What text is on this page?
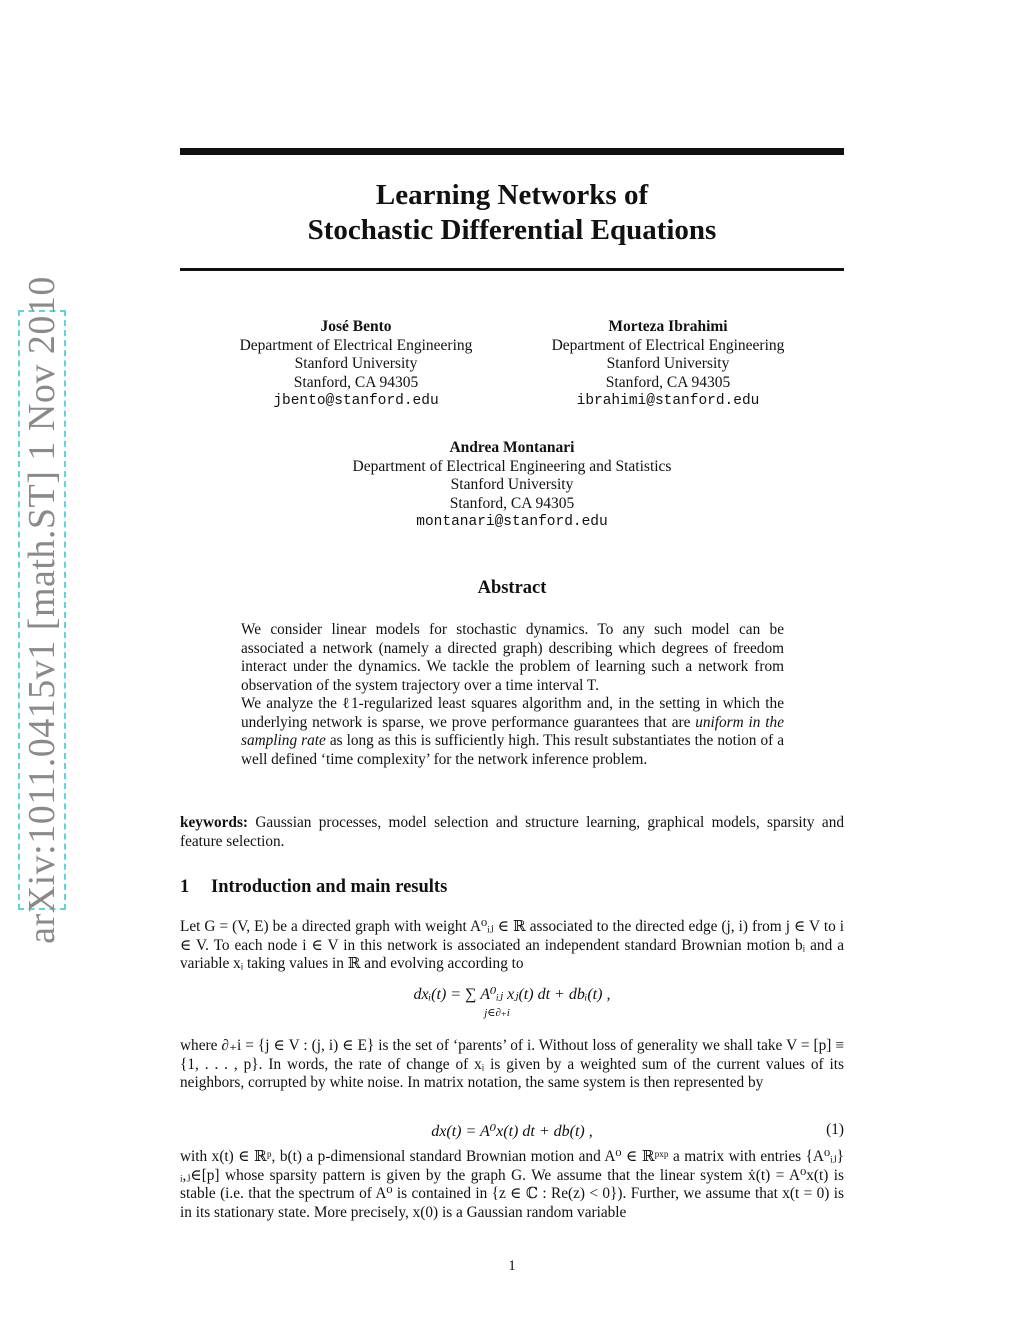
arXiv:1011.0415v1 [math.ST] 1 Nov 2010
Learning Networks of
Stochastic Differential Equations
José Bento
Department of Electrical Engineering
Stanford University
Stanford, CA 94305
jbento@stanford.edu
Morteza Ibrahimi
Department of Electrical Engineering
Stanford University
Stanford, CA 94305
ibrahimi@stanford.edu
Andrea Montanari
Department of Electrical Engineering and Statistics
Stanford University
Stanford, CA 94305
montanari@stanford.edu
Abstract

We consider linear models for stochastic dynamics. To any such model can be associated a network (namely a directed graph) describing which degrees of freedom interact under the dynamics. We tackle the problem of learning such a network from observation of the system trajectory over a time interval T.

We analyze the ℓ1-regularized least squares algorithm and, in the setting in which the underlying network is sparse, we prove performance guarantees that are uniform in the sampling rate as long as this is sufficiently high. This result substantiates the notion of a well defined ‘time complexity’ for the network inference problem.

keywords: Gaussian processes, model selection and structure learning, graphical models, sparsity and feature selection.
1 Introduction and main results

Let G = (V, E) be a directed graph with weight A⁰ᵢⱼ ∈ ℝ associated to the directed edge (j, i) from j ∈ V to i ∈ V. To each node i ∈ V in this network is associated an independent standard Brownian motion bᵢ and a variable xᵢ taking values in ℝ and evolving according to

dxᵢ(t) = ∑ A⁰ᵢⱼ xⱼ(t) dt + dbᵢ(t) ,
j∈∂₊i

where ∂₊i = {j ∈ V : (j, i) ∈ E} is the set of ‘parents’ of i. Without loss of generality we shall take V = [p] ≡ {1, . . . , p}. In words, the rate of change of xᵢ is given by a weighted sum of the current values of its neighbors, corrupted by white noise. In matrix notation, the same system is then represented by

dx(t) = A⁰x(t) dt + db(t) ,	(1)

with x(t) ∈ ℝᵖ, b(t) a p-dimensional standard Brownian motion and A⁰ ∈ ℝᵖˣᵖ a matrix with entries {A⁰ᵢⱼ}ᵢ,ⱼ∈[p] whose sparsity pattern is given by the graph G. We assume that the linear system ẋ(t) = A⁰x(t) is stable (i.e. that the spectrum of A⁰ is contained in {z ∈ ℂ : Re(z) < 0}). Further, we assume that x(t = 0) is in its stationary state. More precisely, x(0) is a Gaussian random variable

1
